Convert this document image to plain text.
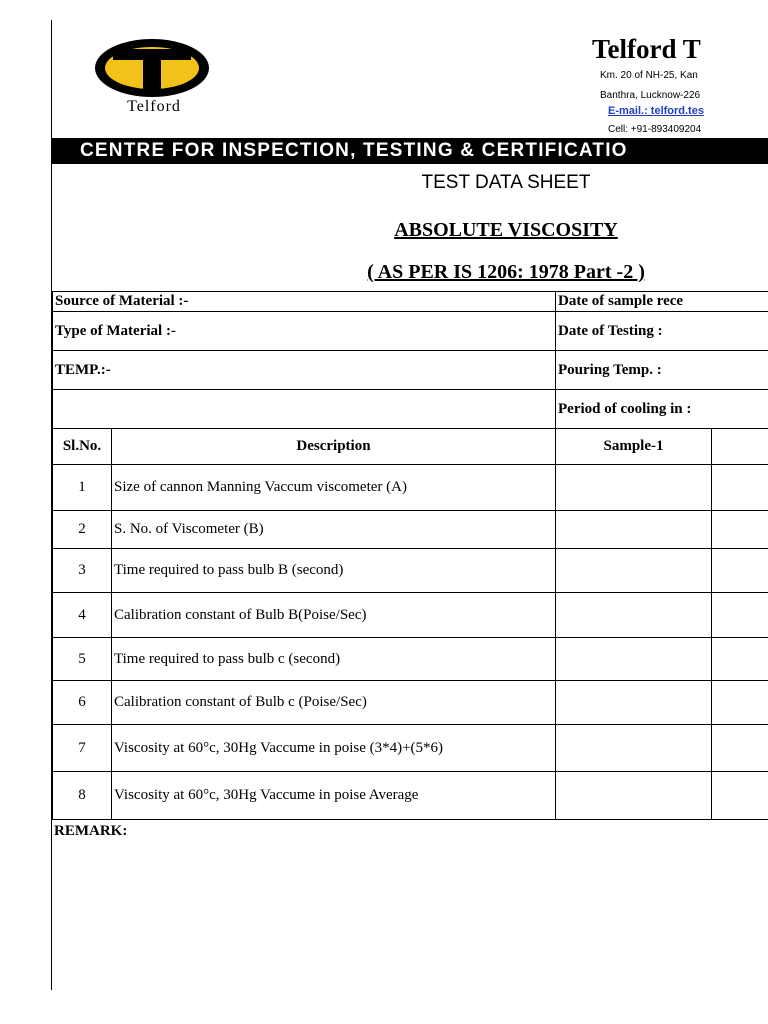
Telford
Telford T
Km. 20 of NH-25, Kan
Banthra, Lucknow-226
E-mail.: telford.tes
Cell: +91-893409204
CENTRE FOR INSPECTION, TESTING & CERTIFICATIO
TEST DATA SHEET
ABSOLUTE VISCOSITY
( AS PER IS 1206: 1978 Part -2 )
Source of Material :-		Date of sample rece	
Type of Material :-		Date of Testing :	
TEMP.:-		Pouring Temp. :	
		Period of cooling in :	
Sl.No.	Description	Sample-1	
1	Size of cannon Manning Vaccum viscometer (A)		
2	S. No. of Viscometer (B)		
3	Time required to pass bulb B (second)		
4	Calibration constant of Bulb B(Poise/Sec)		
5	Time required to pass bulb c (second)		
6	Calibration constant of Bulb c (Poise/Sec)		
7	Viscosity at 60°c, 30Hg Vaccume in poise (3*4)+(5*6)		
8	Viscosity at 60°c, 30Hg Vaccume in poise Average		
REMARK:
